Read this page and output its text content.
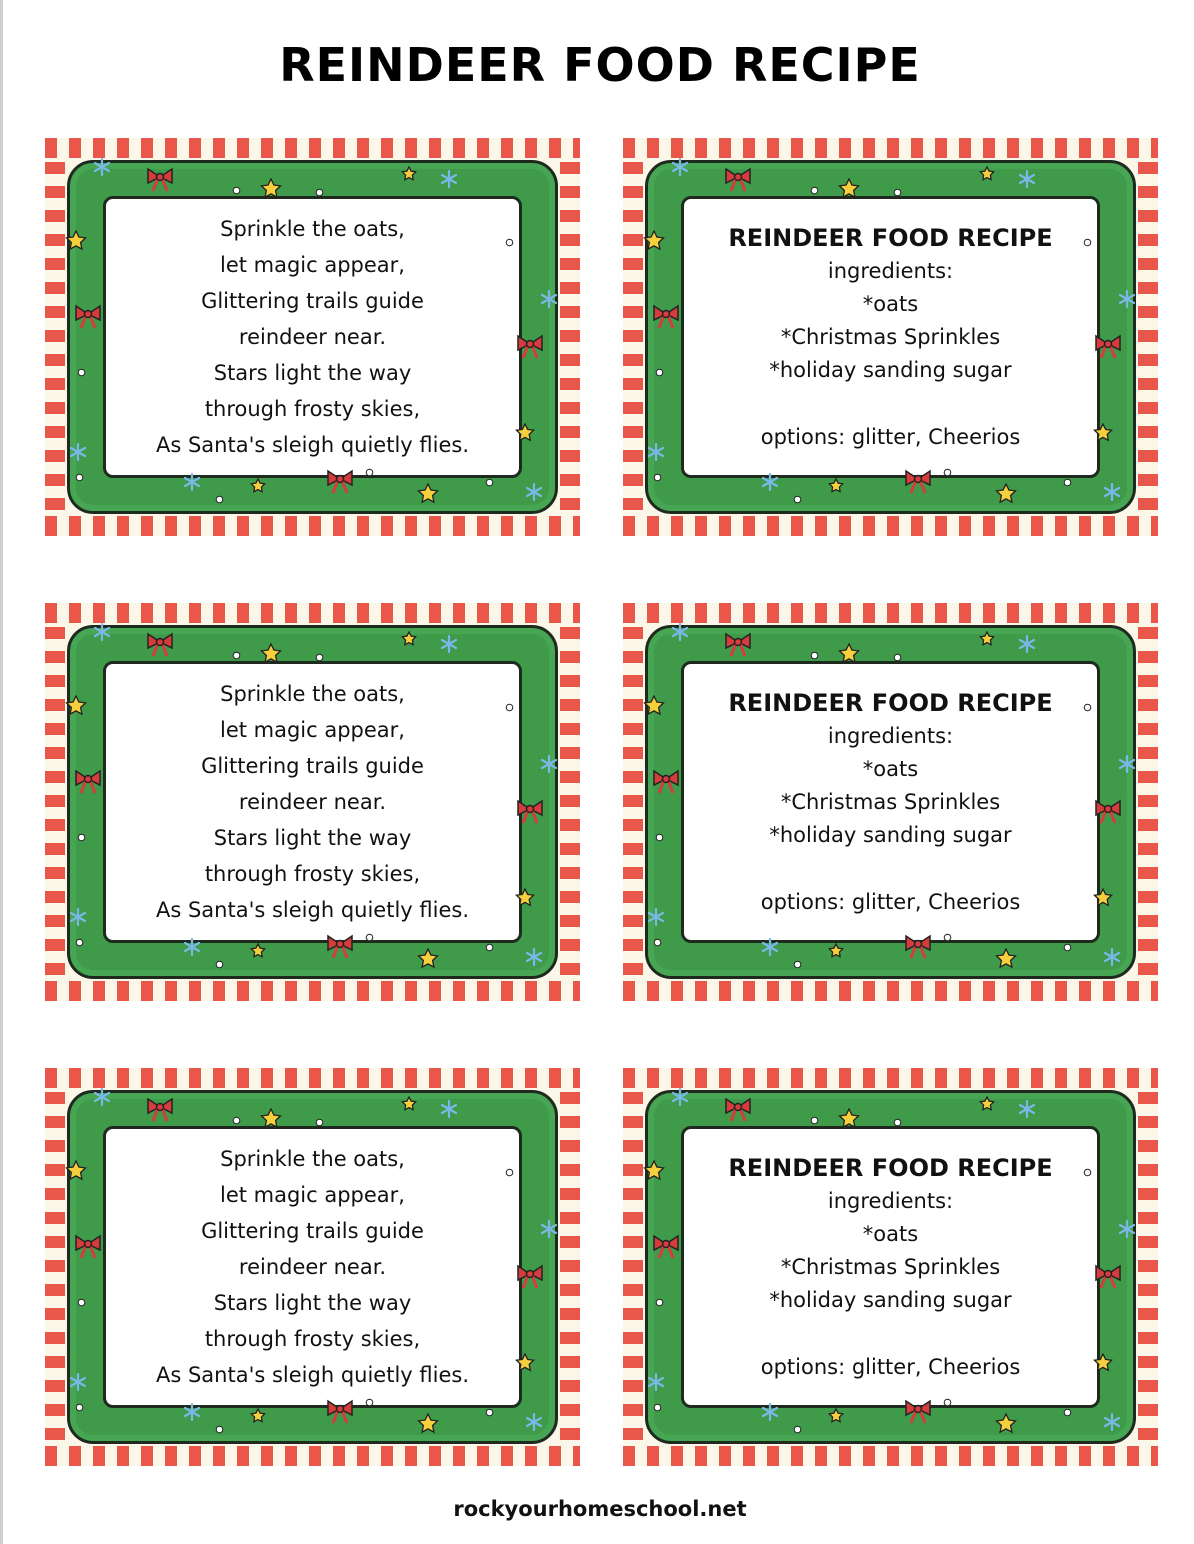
REINDEER FOOD RECIPE
Sprinkle the oats,
let magic appear,
Glittering trails guide
reindeer near.
Stars light the way
through frosty skies,
As Santa's sleigh quietly flies.
REINDEER FOOD RECIPE
ingredients:
*oats
*Christmas Sprinkles
*holiday sanding sugar
options: glitter, Cheerios
Sprinkle the oats,
let magic appear,
Glittering trails guide
reindeer near.
Stars light the way
through frosty skies,
As Santa's sleigh quietly flies.
REINDEER FOOD RECIPE
ingredients:
*oats
*Christmas Sprinkles
*holiday sanding sugar
options: glitter, Cheerios
Sprinkle the oats,
let magic appear,
Glittering trails guide
reindeer near.
Stars light the way
through frosty skies,
As Santa's sleigh quietly flies.
REINDEER FOOD RECIPE
ingredients:
*oats
*Christmas Sprinkles
*holiday sanding sugar
options: glitter, Cheerios
rockyourhomeschool.net
